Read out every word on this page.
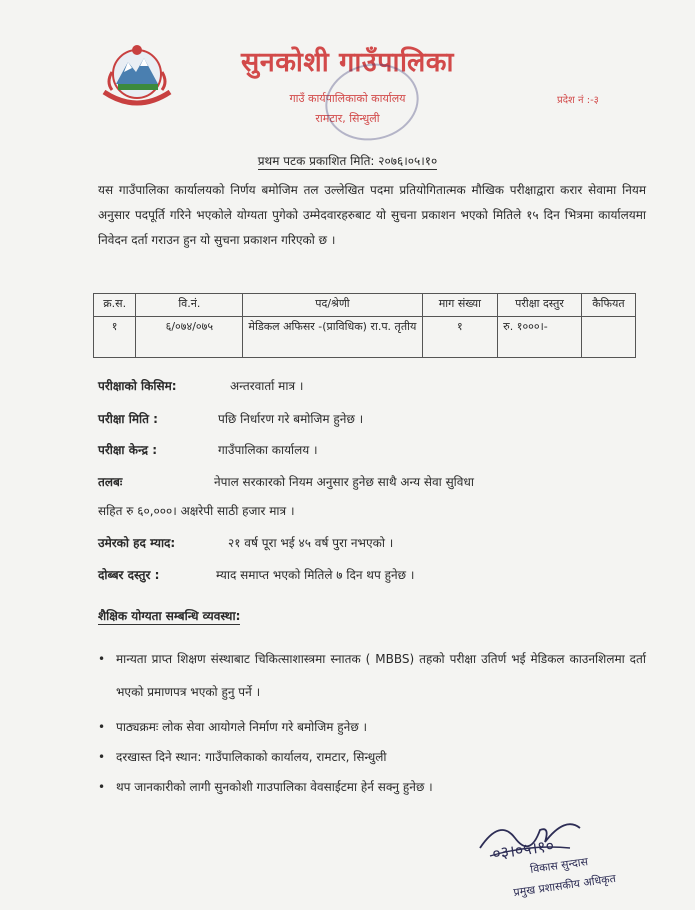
सुनकोशी गाउँपालिका
गाउँ कार्यपालिकाको कार्यालय
रामटार, सिन्धुली
प्रदेश नं :-३
प्रथम पटक प्रकाशित मिति: २०७६।०५।१०
यस गाउँपालिका कार्यालयको निर्णय बमोजिम तल उल्लेखित पदमा प्रतियोगितात्मक मौखिक परीक्षाद्वारा करार सेवामा नियम अनुसार पदपूर्ति गरिने भएकोले योग्यता पुगेको उम्मेदवारहरुबाट यो सुचना प्रकाशन भएको मितिले १५ दिन भित्रमा कार्यालयमा निवेदन दर्ता गराउन हुन यो सुचना प्रकाशन गरिएको छ ।
क्र.स.	वि.नं.	पद/श्रेणी	माग संख्या	परीक्षा दस्तुर	कैफियत
१	६/०७४/०७५	मेडिकल अफिसर -(प्राविधिक) रा.प. तृतीय	१	रु. १०००।-	
परीक्षाको किसिम:	अन्तरवार्ता मात्र ।
परीक्षा मिति :	पछि निर्धारण गरे बमोजिम हुनेछ ।
परीक्षा केन्द्र :	गाउँपालिका कार्यालय ।
तलबः	नेपाल सरकारको नियम अनुसार हुनेछ साथै अन्य सेवा सुविधा
सहित रु ६०,०००। अक्षरेपी साठी हजार मात्र ।
उमेरको हद म्याद:	२१ वर्ष पूरा भई ४५ वर्ष पुरा नभएको ।
दोब्बर दस्तुर :	म्याद समाप्त भएको मितिले ७ दिन थप हुनेछ ।
शैक्षिक योग्यता सम्बन्धि व्यवस्था:
• मान्यता प्राप्त शिक्षण संस्थाबाट चिकित्साशास्त्रमा स्नातक ( MBBS) तहको परीक्षा उतिर्ण भई मेडिकल काउनशिलमा दर्ता भएको प्रमाणपत्र भएको हुनु पर्ने ।
• पाठ्यक्रमः लोक सेवा आयोगले निर्माण गरे बमोजिम हुनेछ ।
• दरखास्त दिने स्थान: गाउँपालिकाको कार्यालय, रामटार, सिन्धुली
• थप जानकारीको लागी सुनकोशी गाउपालिका वेवसाईटमा हेर्न सक्नु हुनेछ ।
०३।०५।१०
विकास सुन्दास
प्रमुख प्रशासकीय अधिकृत
